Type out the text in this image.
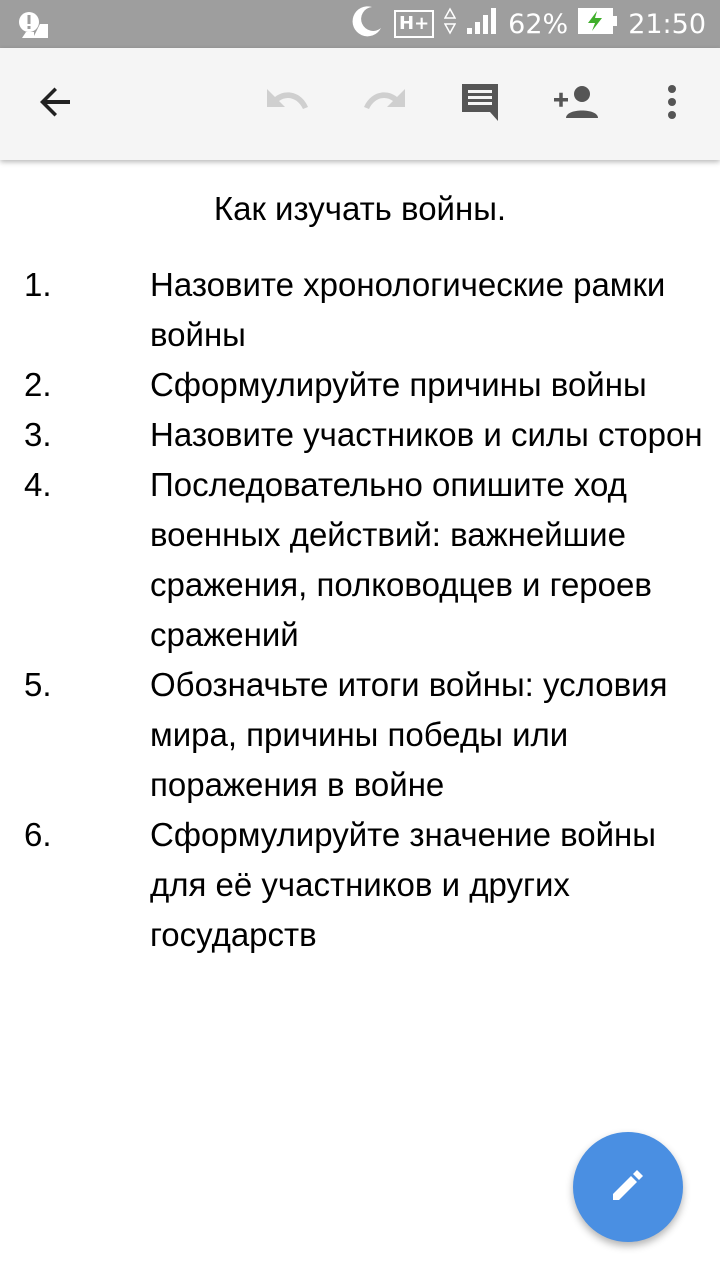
H+	62% 21:50
Как изучать войны.
1.	Назовите хронологические рамки войны
2.	Сформулируйте причины войны
3.	Назовите участников и силы сторон
4.	Последовательно опишите ход военных действий: важнейшие сражения, полководцев и героев сражений
5.	Обозначьте итоги войны: условия мира, причины победы или поражения в войне
6.	Сформулируйте значение войны для её участников и других государств
